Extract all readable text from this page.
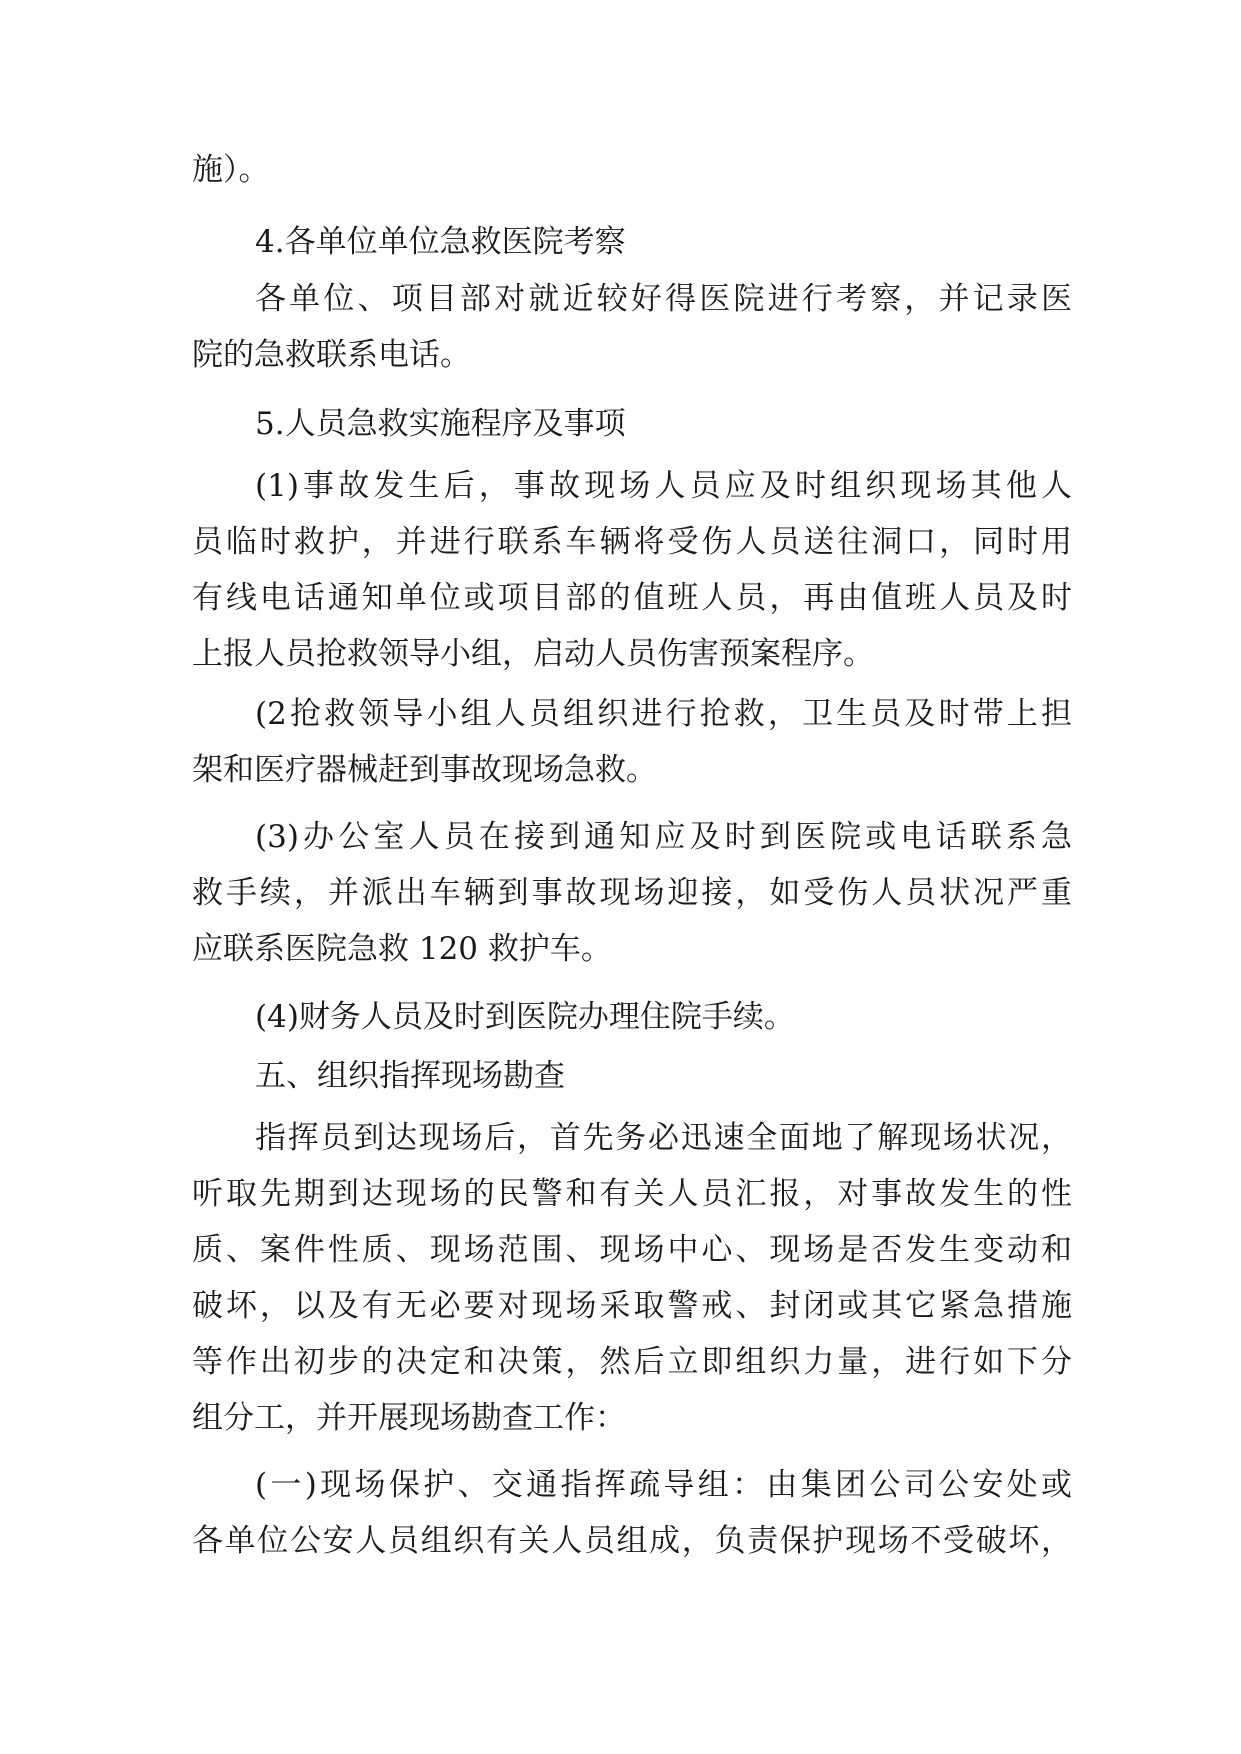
施）。
4.各单位单位急救医院考察
各单位、项目部对就近较好得医院进行考察，并记录医
院的急救联系电话。
5.人员急救实施程序及事项
(1)事故发生后，事故现场人员应及时组织现场其他人
员临时救护，并进行联系车辆将受伤人员送往洞口，同时用
有线电话通知单位或项目部的值班人员，再由值班人员及时
上报人员抢救领导小组，启动人员伤害预案程序。
(2抢救领导小组人员组织进行抢救，卫生员及时带上担
架和医疗器械赶到事故现场急救。
(3)办公室人员在接到通知应及时到医院或电话联系急
救手续，并派出车辆到事故现场迎接，如受伤人员状况严重
应联系医院急救 120 救护车。
(4)财务人员及时到医院办理住院手续。
五、组织指挥现场勘查
指挥员到达现场后，首先务必迅速全面地了解现场状况，
听取先期到达现场的民警和有关人员汇报，对事故发生的性
质、案件性质、现场范围、现场中心、现场是否发生变动和
破坏，以及有无必要对现场采取警戒、封闭或其它紧急措施
等作出初步的决定和决策，然后立即组织力量，进行如下分
组分工，并开展现场勘查工作：
(一)现场保护、交通指挥疏导组：由集团公司公安处或
各单位公安人员组织有关人员组成，负责保护现场不受破坏，
